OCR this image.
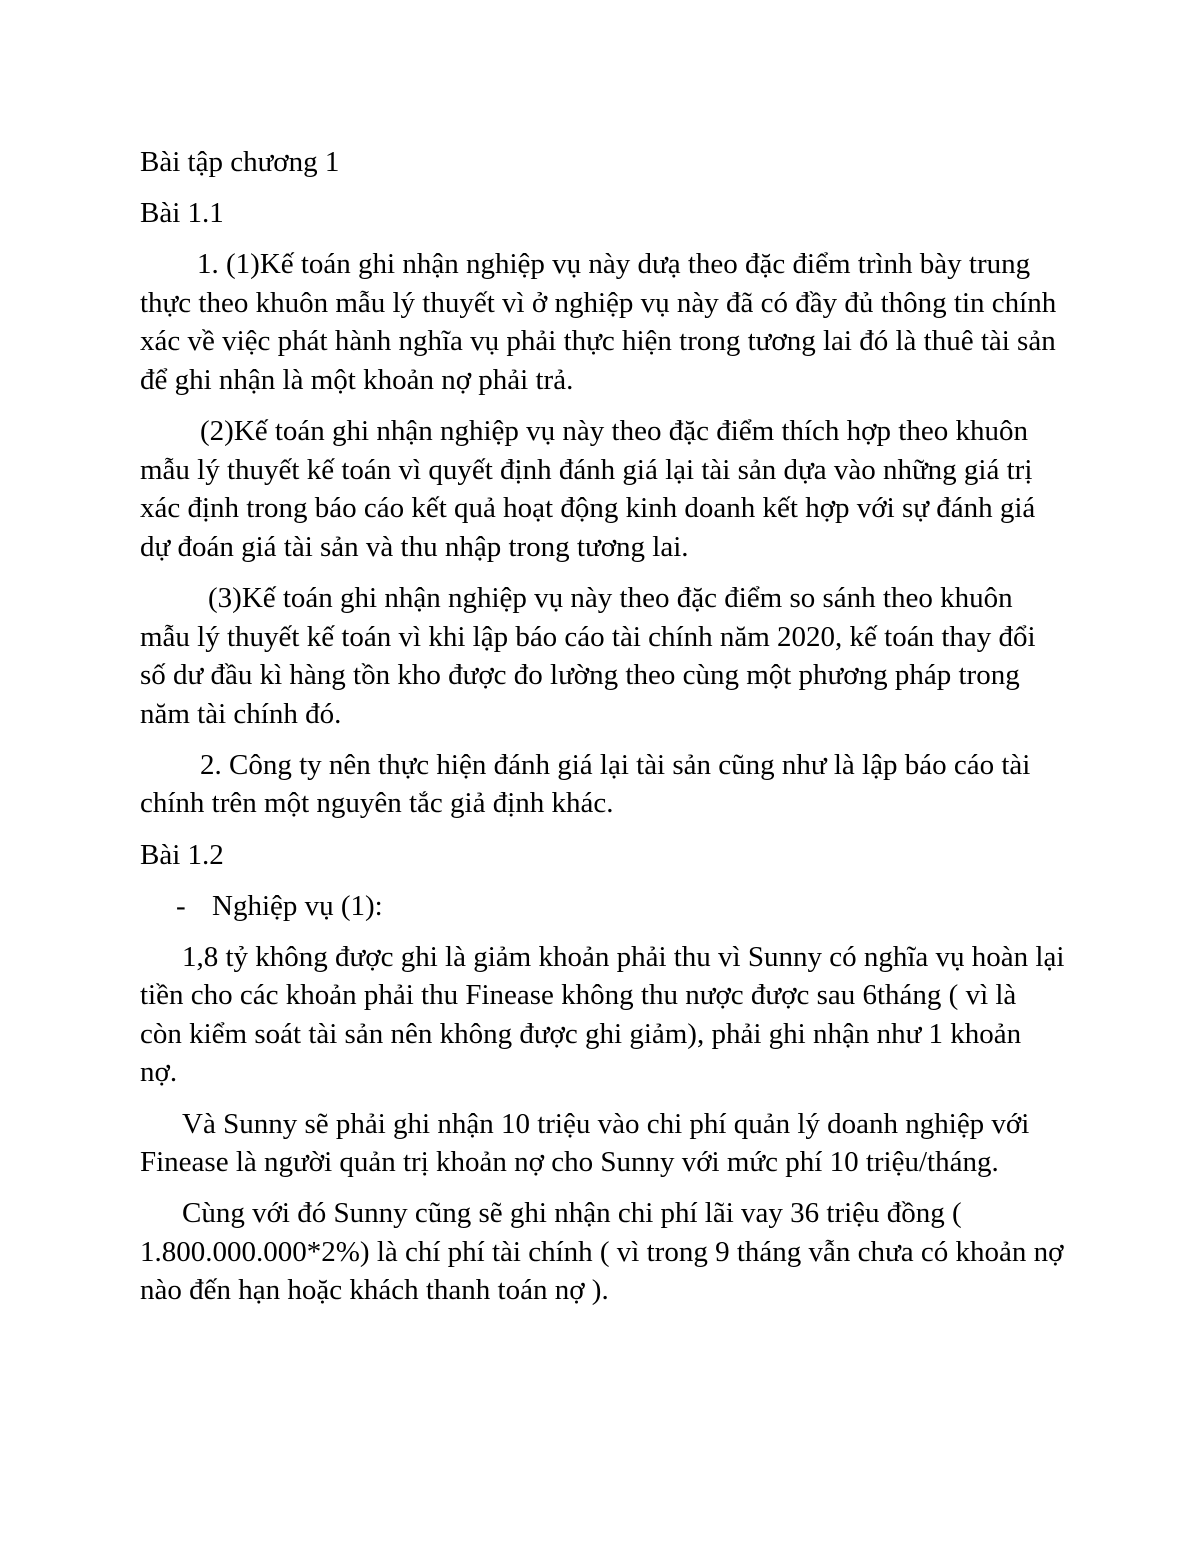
Bài tập chương 1

Bài 1.1

1. (1)Kế toán ghi nhận nghiệp vụ này dưạ theo đặc điểm trình bày trung thực theo khuôn mẫu lý thuyết vì ở nghiệp vụ này đã có đầy đủ thông tin chính xác về việc phát hành nghĩa vụ phải thực hiện trong tương lai đó là thuê tài sản để ghi nhận là một khoản nợ phải trả.

(2)Kế toán ghi nhận nghiệp vụ này theo đặc điểm thích hợp theo khuôn mẫu lý thuyết kế toán vì quyết định đánh giá lại tài sản dựa vào những giá trị xác định trong báo cáo kết quả hoạt động kinh doanh kết hợp với sự đánh giá dự đoán giá tài sản và thu nhập trong tương lai.

(3)Kế toán ghi nhận nghiệp vụ này theo đặc điểm so sánh theo khuôn mẫu lý thuyết kế toán vì khi lập báo cáo tài chính năm 2020, kế toán thay đổi số dư đầu kì hàng tồn kho được đo lường theo cùng một phương pháp trong năm tài chính đó.

2. Công ty nên thực hiện đánh giá lại tài sản cũng như là lập báo cáo tài chính trên một nguyên tắc giả định khác.

Bài 1.2

- Nghiệp vụ (1):

1,8 tỷ không được ghi là giảm khoản phải thu vì Sunny có nghĩa vụ hoàn lại tiền cho các khoản phải thu Finease không thu nược được sau 6tháng ( vì là còn kiểm soát tài sản nên không được ghi giảm), phải ghi nhận như 1 khoản nợ.

Và Sunny sẽ phải ghi nhận 10 triệu vào chi phí quản lý doanh nghiệp với Finease là người quản trị khoản nợ cho Sunny với mức phí 10 triệu/tháng.

Cùng với đó Sunny cũng sẽ ghi nhận chi phí lãi vay 36 triệu đồng ( 1.800.000.000*2%) là chí phí tài chính ( vì trong 9 tháng vẫn chưa có khoản nợ nào đến hạn hoặc khách thanh toán nợ ).
